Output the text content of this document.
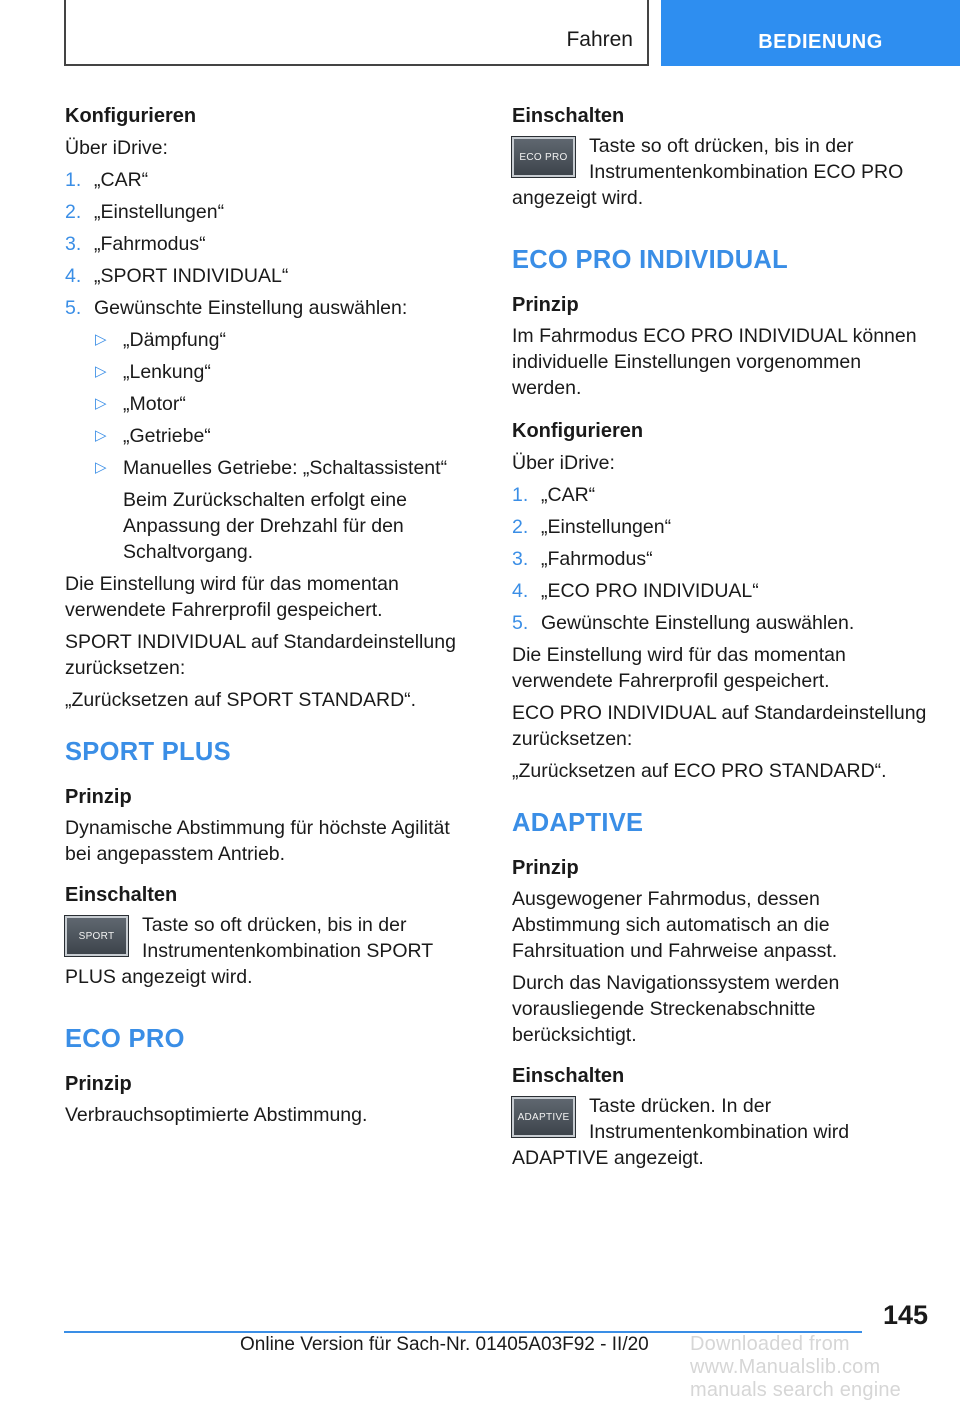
Fahren	BEDIENUNG
Konfigurieren

Über iDrive:

1. „CAR“
2. „Einstellungen“
3. „Fahrmodus“
4. „SPORT INDIVIDUAL“
5. Gewünschte Einstellung auswählen:
▷ „Dämpfung“
▷ „Lenkung“
▷ „Motor“
▷ „Getriebe“
▷ Manuelles Getriebe: „Schaltassistent“

Beim Zurückschalten erfolgt eine Anpassung der Drehzahl für den Schaltvorgang.

Die Einstellung wird für das momentan verwendete Fahrerprofil gespeichert.

SPORT INDIVIDUAL auf Standardeinstellung zurücksetzen:

„Zurücksetzen auf SPORT STANDARD“.

SPORT PLUS
Prinzip

Dynamische Abstimmung für höchste Agilität bei angepasstem Antrieb.

Einschalten
SPORT	Taste so oft drücken, bis in der Instrumentenkombination SPORT PLUS angezeigt wird.

ECO PRO
Prinzip

Verbrauchsoptimierte Abstimmung.

Einschalten
ECO PRO	Taste so oft drücken, bis in der Instrumentenkombination ECO PRO angezeigt wird.

ECO PRO INDIVIDUAL
Prinzip

Im Fahrmodus ECO PRO INDIVIDUAL können individuelle Einstellungen vorgenommen werden.

Konfigurieren

Über iDrive:

1. „CAR“
2. „Einstellungen“
3. „Fahrmodus“
4. „ECO PRO INDIVIDUAL“
5. Gewünschte Einstellung auswählen.

Die Einstellung wird für das momentan verwendete Fahrerprofil gespeichert.

ECO PRO INDIVIDUAL auf Standardeinstellung zurücksetzen:

„Zurücksetzen auf ECO PRO STANDARD“.

ADAPTIVE
Prinzip

Ausgewogener Fahrmodus, dessen Abstimmung sich automatisch an die Fahrsituation und Fahrweise anpasst.

Durch das Navigationssystem werden vorausliegende Streckenabschnitte berücksichtigt.

Einschalten
ADAPTIVE	Taste drücken. In der Instrumentenkombination wird ADAPTIVE angezeigt.

145
Online Version für Sach-Nr. 01405A03F92 - II/20 Downloaded from www.Manualslib.com manuals search engine
